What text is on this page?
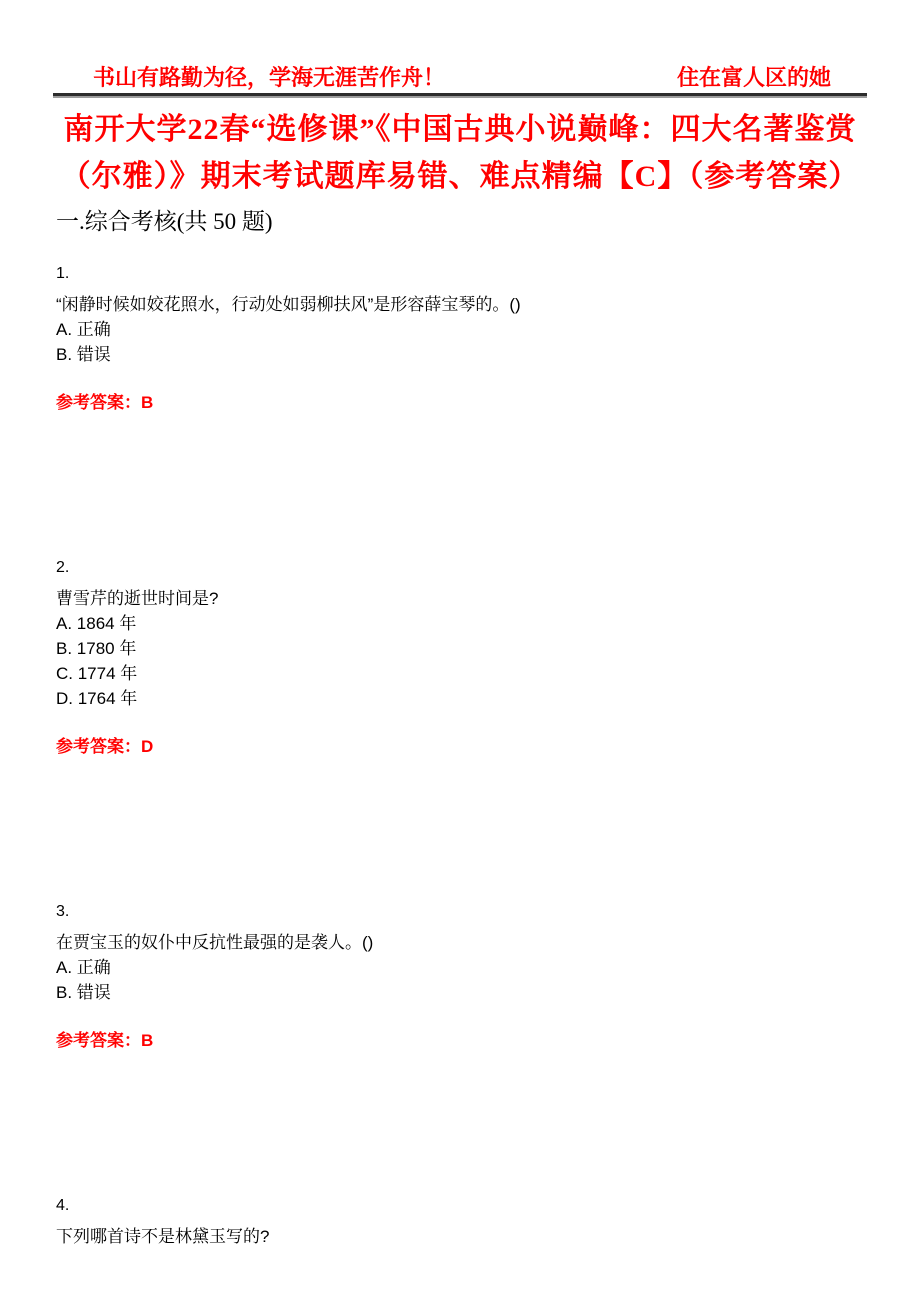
书山有路勤为径，学海无涯苦作舟！	住在富人区的她
南开大学22春“选修课”《中国古典小说巅峰：四大名著鉴赏
（尔雅）》期末考试题库易错、难点精编【C】（参考答案）
一.综合考核(共 50 题)
1.
“闲静时候如姣花照水，行动处如弱柳扶风”是形容薛宝琴的。()
A. 正确
B. 错误
参考答案：B
2.
曹雪芹的逝世时间是?
A. 1864 年
B. 1780 年
C. 1774 年
D. 1764 年
参考答案：D
3.
在贾宝玉的奴仆中反抗性最强的是袭人。()
A. 正确
B. 错误
参考答案：B
4.
下列哪首诗不是林黛玉写的?
